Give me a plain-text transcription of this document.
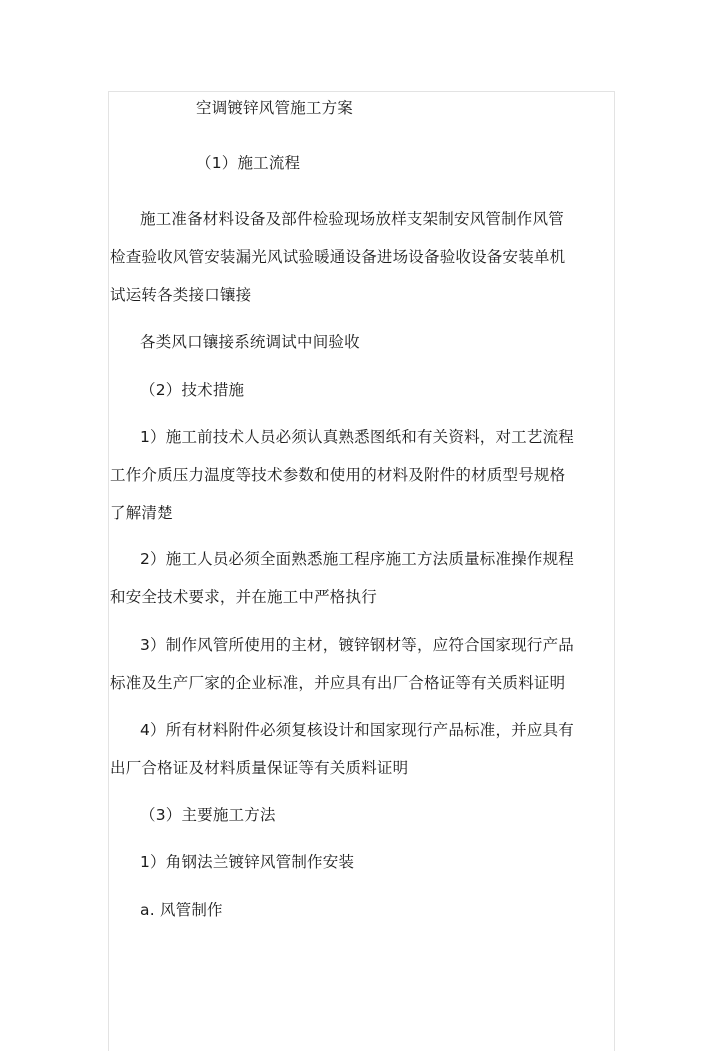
空调镀锌风管施工方案
（1）施工流程
施工准备材料设备及部件检验现场放样支架制安风管制作风管
检查验收风管安装漏光风试验暖通设备进场设备验收设备安装单机
试运转各类接口镶接
各类风口镶接系统调试中间验收
（2）技术措施
1）施工前技术人员必须认真熟悉图纸和有关资料，对工艺流程
工作介质压力温度等技术参数和使用的材料及附件的材质型号规格
了解清楚
2）施工人员必须全面熟悉施工程序施工方法质量标准操作规程
和安全技术要求，并在施工中严格执行
3）制作风管所使用的主材，镀锌钢材等，应符合国家现行产品
标准及生产厂家的企业标准，并应具有出厂合格证等有关质料证明
4）所有材料附件必须复核设计和国家现行产品标准，并应具有
出厂合格证及材料质量保证等有关质料证明
（3）主要施工方法
1）角钢法兰镀锌风管制作安装
a. 风管制作
